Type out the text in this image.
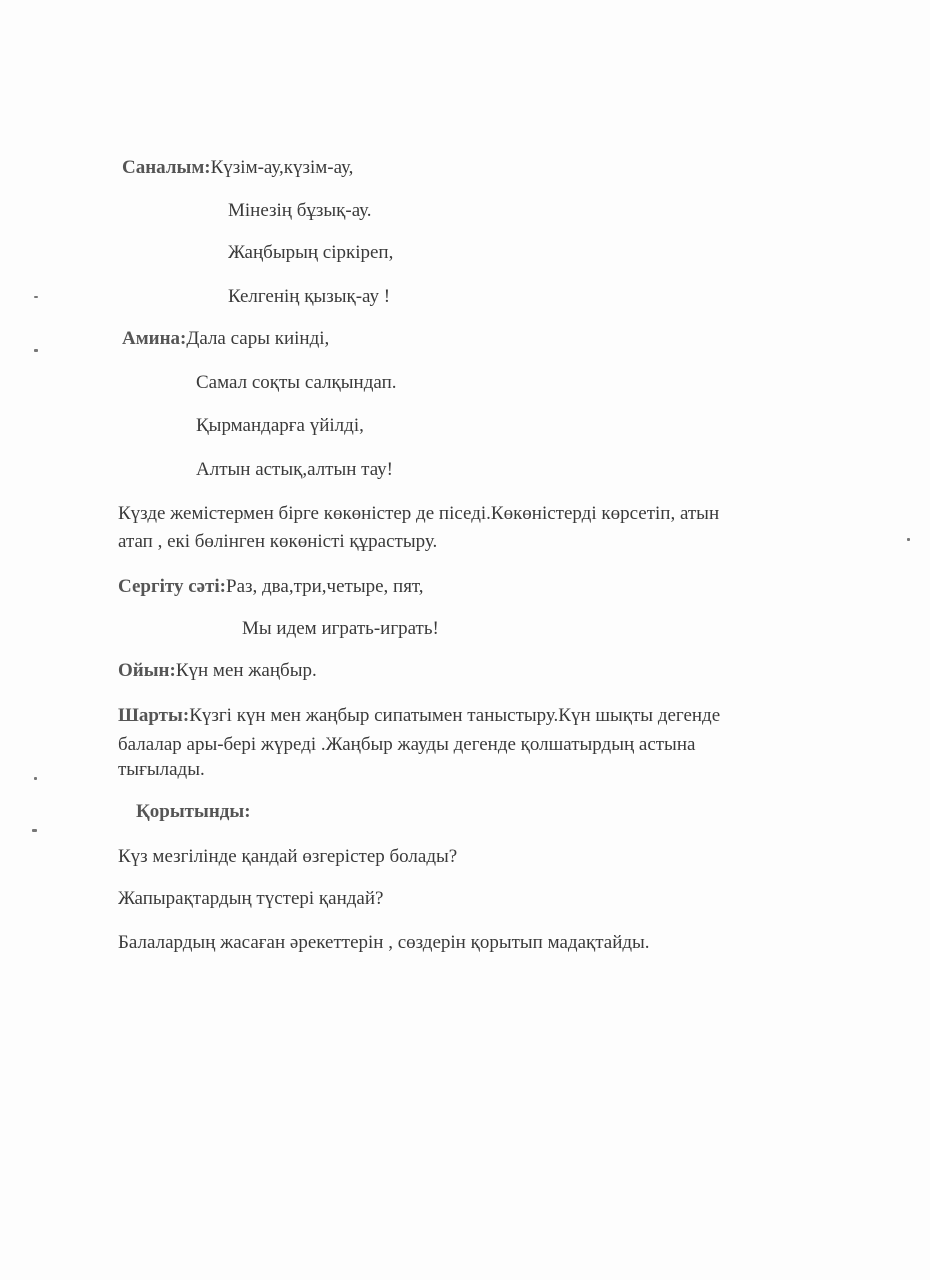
Саналым:Күзім-ау,күзім-ау,
Мінезің бұзық-ау.
Жаңбырың сіркіреп,
Келгенің қызық-ау !
Амина:Дала сары киінді,
Самал соқты салқындап.
Қырмандарға үйілді,
Алтын астық,алтын тау!
Күзде жемістермен бірге көкөністер де піседі.Көкөністерді көрсетіп, атын
атап , екі бөлінген көкөністі құрастыру.
Сергіту сәті:Раз, два,три,четыре, пят,
Мы идем играть-играть!
Ойын:Күн мен жаңбыр.
Шарты:Күзгі күн мен жаңбыр сипатымен таныстыру.Күн шықты дегенде
балалар ары-бері жүреді .Жаңбыр жауды дегенде қолшатырдың астына
тығылады.
Қорытынды:
Күз мезгілінде қандай өзгерістер болады?
Жапырақтардың түстері қандай?
Балалардың жасаған әрекеттерін , сөздерін қорытып мадақтайды.
